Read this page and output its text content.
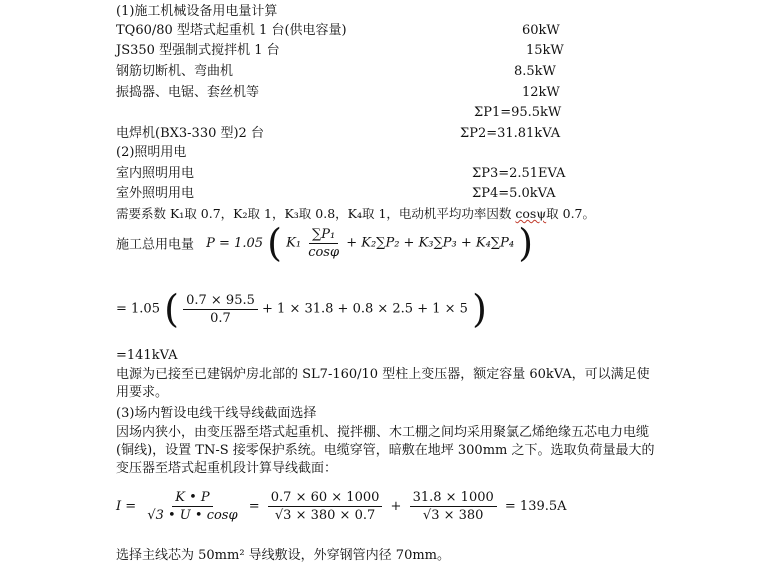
(1)施工机械设备用电量计算
TQ60/80 型塔式起重机 1 台(供电容量)	60kW
JS350 型强制式搅拌机 1 台	15kW
钢筋切断机、弯曲机	8.5kW
振捣器、电锯、套丝机等	12kW
ΣP1=95.5kW
电焊机(BX3-330 型)2 台	ΣP2=31.81kVA
(2)照明用电
室内照明用电	ΣP3=2.51EVA
室外照明用电	ΣP4=5.0kVA
需要系数 K₁取 0.7，K₂取 1，K₃取 0.8，K₄取 1，电动机平均功率因数 cosψ取 0.7。
施工总用电量 P = 1.05 ( $K_1 \frac{\text{∑P₁}}{\cos\varphi} + K_2\sum P_2 + K_3\sum P_3 + K_4\sum P_4$ )
= 1.05 ( $\frac{0.7 \times 95.5}{0.7} + 1 \times 31.8 + 0.8 \times 2.5 + 1 \times 5$ )
=141kVA
电源为已接至已建锅炉房北部的 SL7-160/10 型柱上变压器，额定容量 60kVA，可以满足使用要求。
(3)场内暂设电线干线导线截面选择
因场内狭小，由变压器至塔式起重机、搅拌棚、木工棚之间均采用聚氯乙烯绝缘五芯电力电缆(铜线)，设置 TN-S 接零保护系统。电缆穿管，暗敷在地坪 300mm 之下。选取负荷量最大的变压器至塔式起重机段计算导线截面：
$I = \frac{K • P}{√3 • U • \cos\varphi} = \frac{0.7 \times 60 \times 1000}{√3 \times 380 \times 0.7} + \frac{31.8 \times 1000}{√3 \times 380} = 139.5A$
选择主线芯为 50mm² 导线敷设，外穿钢管内径 70mm。
